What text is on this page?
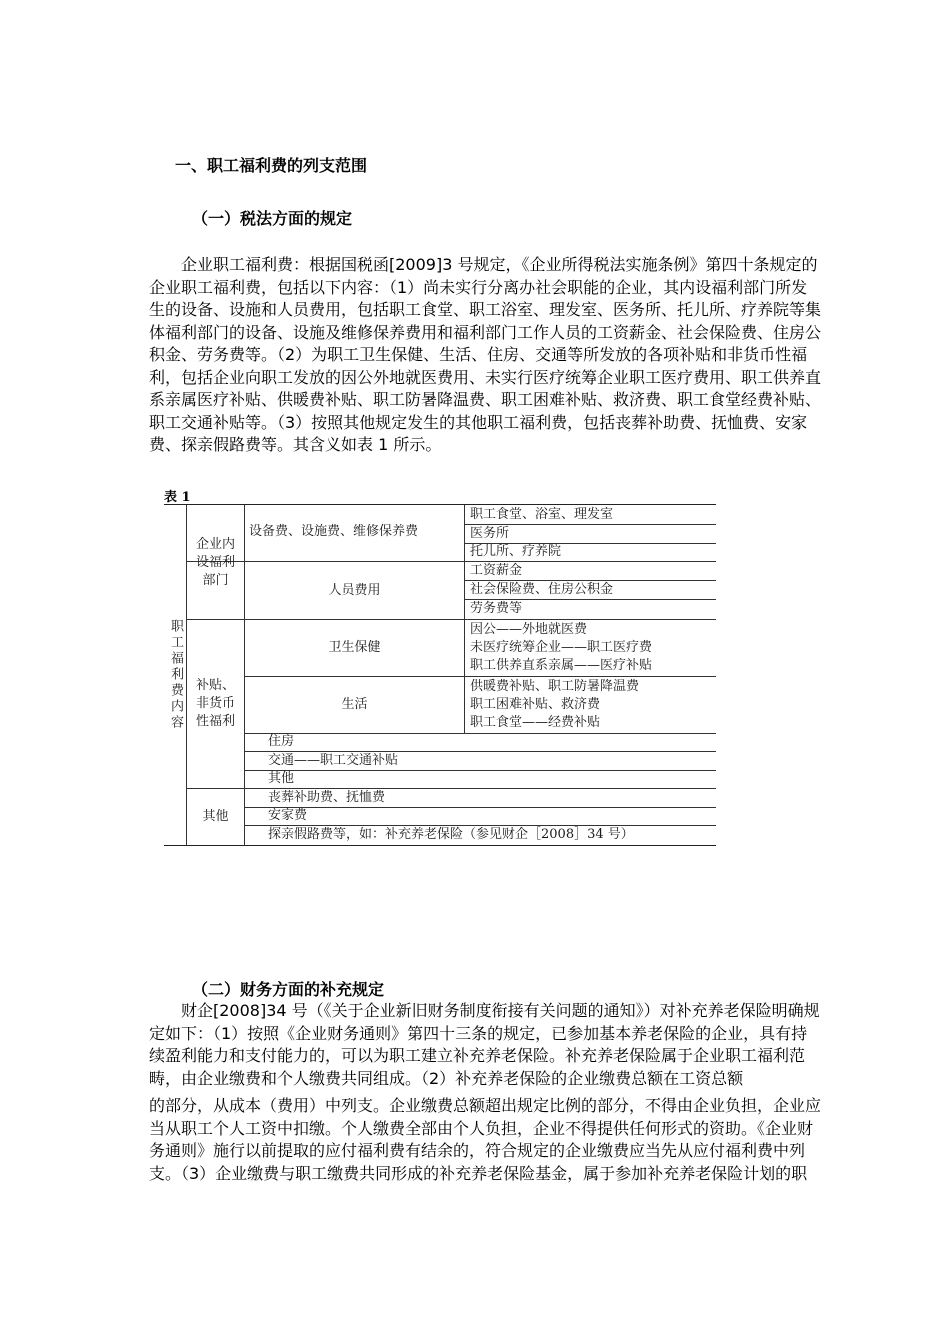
一、职工福利费的列支范围
（一）税法方面的规定
　　企业职工福利费：根据国税函[2009]3 号规定，《企业所得税法实施条例》第四十条规定的
企业职工福利费，包括以下内容：（1）尚未实行分离办社会职能的企业，其内设福利部门所发
生的设备、设施和人员费用，包括职工食堂、职工浴室、理发室、医务所、托儿所、疗养院等集
体福利部门的设备、设施及维修保养费用和福利部门工作人员的工资薪金、社会保险费、住房公
积金、劳务费等。（2）为职工卫生保健、生活、住房、交通等所发放的各项补贴和非货币性福
利，包括企业向职工发放的因公外地就医费用、未实行医疗统筹企业职工医疗费用、职工供养直
系亲属医疗补贴、供暖费补贴、职工防暑降温费、职工困难补贴、救济费、职工食堂经费补贴、
职工交通补贴等。（3）按照其他规定发生的其他职工福利费，包括丧葬补助费、抚恤费、安家
费、探亲假路费等。其含义如表 1 所示。
表 1
职工福利费内容
企业内设福利部门
补贴、非货币性福利
其他
设备费、设施费、维修保养费
人员费用
卫生保健
生活
职工食堂、浴室、理发室
医务所
托儿所、疗养院
工资薪金
社会保险费、住房公积金
劳务费等
因公——外地就医费
未医疗统筹企业——职工医疗费
职工供养直系亲属——医疗补贴
供暖费补贴、职工防暑降温费
职工困难补贴、救济费
职工食堂——经费补贴
住房
交通——职工交通补贴
其他
丧葬补助费、抚恤费
安家费
探亲假路费等，如：补充养老保险（参见财企［2008］34 号）
（二）财务方面的补充规定
　　财企[2008]34 号（《关于企业新旧财务制度衔接有关问题的通知》）对补充养老保险明确规
定如下：（1）按照《企业财务通则》第四十三条的规定，已参加基本养老保险的企业，具有持
续盈利能力和支付能力的，可以为职工建立补充养老保险。补充养老保险属于企业职工福利范
畴，由企业缴费和个人缴费共同组成。（2）补充养老保险的企业缴费总额在工资总额
的部分，从成本（费用）中列支。企业缴费总额超出规定比例的部分，不得由企业负担，企业应
当从职工个人工资中扣缴。个人缴费全部由个人负担，企业不得提供任何形式的资助。《企业财
务通则》施行以前提取的应付福利费有结余的，符合规定的企业缴费应当先从应付福利费中列
支。（3）企业缴费与职工缴费共同形成的补充养老保险基金，属于参加补充养老保险计划的职
